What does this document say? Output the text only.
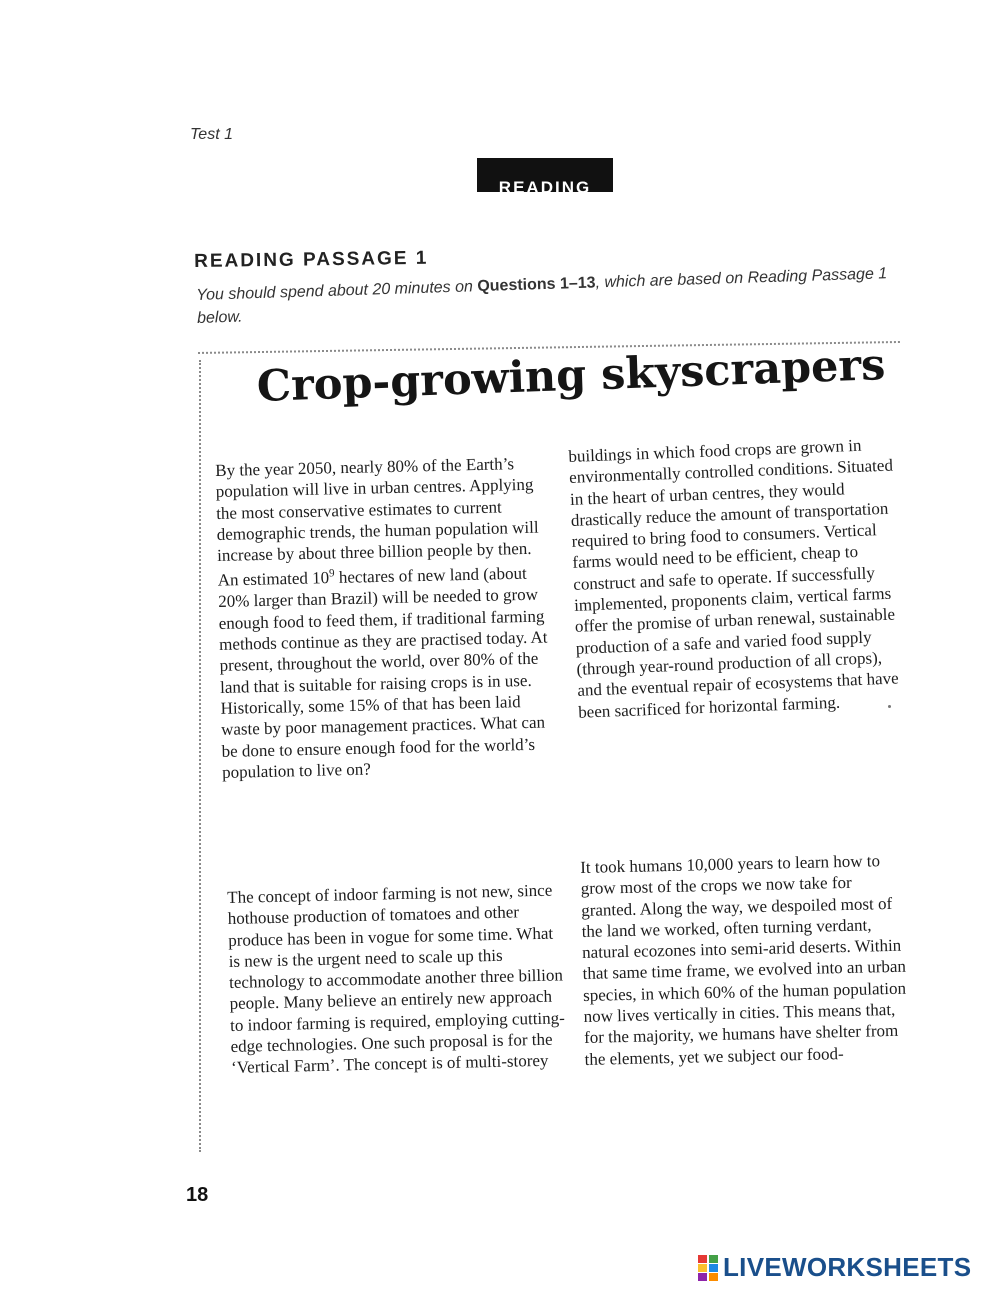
Test 1
READING
READING PASSAGE 1
You should spend about 20 minutes on Questions 1–13, which are based on Reading Passage 1 below.
Crop-growing skyscrapers

By the year 2050, nearly 80% of the Earth’s population will live in urban centres. Applying the most conservative estimates to current demographic trends, the human population will increase by about three billion people by then. An estimated $10^9$ hectares of new land (about 20% larger than Brazil) will be needed to grow enough food to feed them, if traditional farming methods continue as they are practised today. At present, throughout the world, over 80% of the land that is suitable for raising crops is in use. Historically, some 15% of that has been laid waste by poor management practices. What can be done to ensure enough food for the world’s population to live on?

The concept of indoor farming is not new, since hothouse production of tomatoes and other produce has been in vogue for some time. What is new is the urgent need to scale up this technology to accommodate another three billion people. Many believe an entirely new approach to indoor farming is required, employing cutting-edge technologies. One such proposal is for the ‘Vertical Farm’. The concept is of multi-storey

buildings in which food crops are grown in environmentally controlled conditions. Situated in the heart of urban centres, they would drastically reduce the amount of transportation required to bring food to consumers. Vertical farms would need to be efficient, cheap to construct and safe to operate. If successfully implemented, proponents claim, vertical farms offer the promise of urban renewal, sustainable production of a safe and varied food supply (through year-round production of all crops), and the eventual repair of ecosystems that have been sacrificed for horizontal farming.

It took humans 10,000 years to learn how to grow most of the crops we now take for granted. Along the way, we despoiled most of the land we worked, often turning verdant, natural ecozones into semi-arid deserts. Within that same time frame, we evolved into an urban species, in which 60% of the human population now lives vertically in cities. This means that, for the majority, we humans have shelter from the elements, yet we subject our food-

18
LIVEWORKSHEETS
